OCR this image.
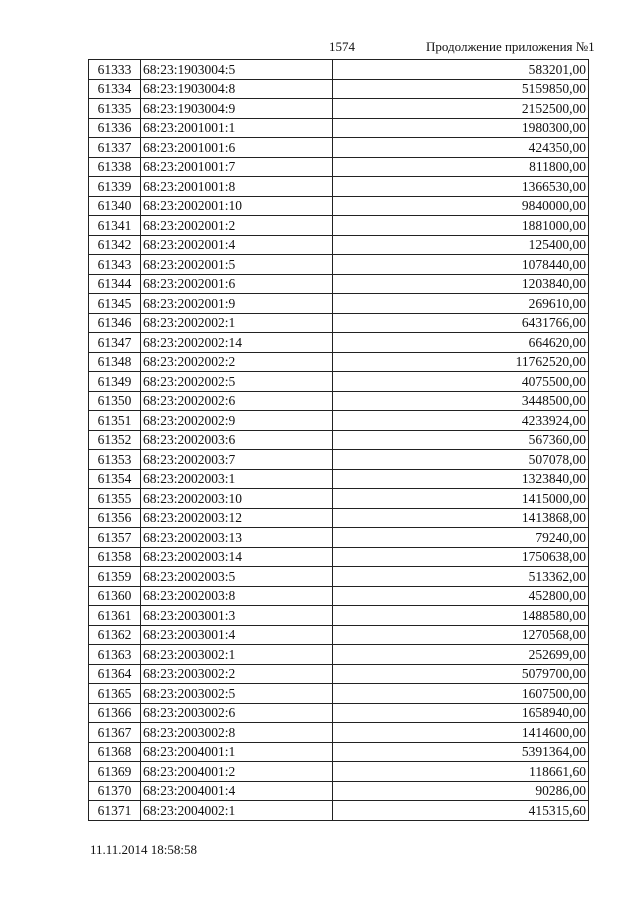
1574	Продолжение приложения №1
61333	68:23:1903004:5	583201,00
61334	68:23:1903004:8	5159850,00
61335	68:23:1903004:9	2152500,00
61336	68:23:2001001:1	1980300,00
61337	68:23:2001001:6	424350,00
61338	68:23:2001001:7	811800,00
61339	68:23:2001001:8	1366530,00
61340	68:23:2002001:10	9840000,00
61341	68:23:2002001:2	1881000,00
61342	68:23:2002001:4	125400,00
61343	68:23:2002001:5	1078440,00
61344	68:23:2002001:6	1203840,00
61345	68:23:2002001:9	269610,00
61346	68:23:2002002:1	6431766,00
61347	68:23:2002002:14	664620,00
61348	68:23:2002002:2	11762520,00
61349	68:23:2002002:5	4075500,00
61350	68:23:2002002:6	3448500,00
61351	68:23:2002002:9	4233924,00
61352	68:23:2002003:6	567360,00
61353	68:23:2002003:7	507078,00
61354	68:23:2002003:1	1323840,00
61355	68:23:2002003:10	1415000,00
61356	68:23:2002003:12	1413868,00
61357	68:23:2002003:13	79240,00
61358	68:23:2002003:14	1750638,00
61359	68:23:2002003:5	513362,00
61360	68:23:2002003:8	452800,00
61361	68:23:2003001:3	1488580,00
61362	68:23:2003001:4	1270568,00
61363	68:23:2003002:1	252699,00
61364	68:23:2003002:2	5079700,00
61365	68:23:2003002:5	1607500,00
61366	68:23:2003002:6	1658940,00
61367	68:23:2003002:8	1414600,00
61368	68:23:2004001:1	5391364,00
61369	68:23:2004001:2	118661,60
61370	68:23:2004001:4	90286,00
61371	68:23:2004002:1	415315,60
11.11.2014 18:58:58
